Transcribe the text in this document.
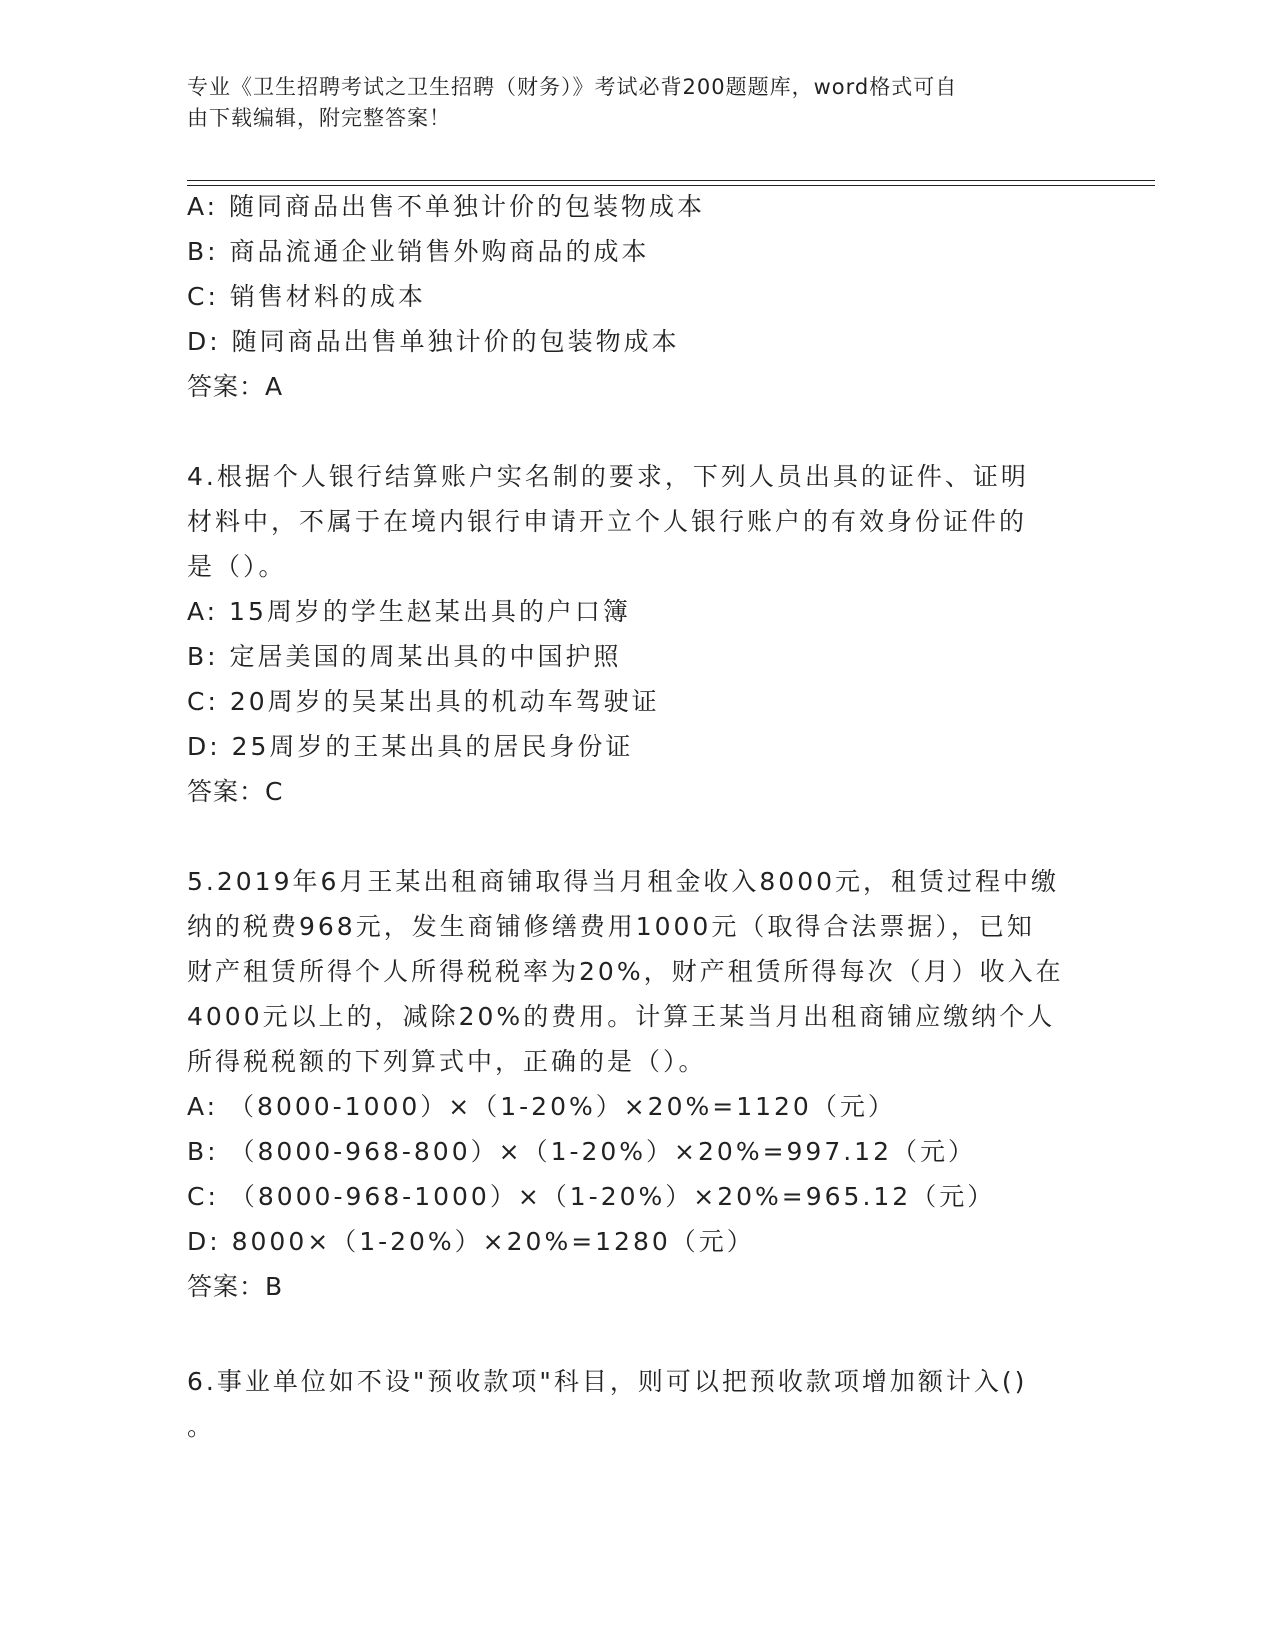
专业《卫生招聘考试之卫生招聘（财务）》考试必背200题题库，word格式可自
由下载编辑，附完整答案！
A: 随同商品出售不单独计价的包装物成本
B: 商品流通企业销售外购商品的成本
C: 销售材料的成本
D: 随同商品出售单独计价的包装物成本
答案：A
4.根据个人银行结算账户实名制的要求，下列人员出具的证件、证明
材料中，不属于在境内银行申请开立个人银行账户的有效身份证件的
是（）。
A: 15周岁的学生赵某出具的户口簿
B: 定居美国的周某出具的中国护照
C: 20周岁的吴某出具的机动车驾驶证
D: 25周岁的王某出具的居民身份证
答案：C
5.2019年6月王某出租商铺取得当月租金收入8000元，租赁过程中缴
纳的税费968元，发生商铺修缮费用1000元（取得合法票据），已知
财产租赁所得个人所得税税率为20%，财产租赁所得每次（月）收入在
4000元以上的，减除20%的费用。计算王某当月出租商铺应缴纳个人
所得税税额的下列算式中，正确的是（）。
A: （8000-1000）×（1-20%）×20%=1120（元）
B: （8000-968-800）×（1-20%）×20%=997.12（元）
C: （8000-968-1000）×（1-20%）×20%=965.12（元）
D: 8000×（1-20%）×20%=1280（元）
答案：B
6.事业单位如不设"预收款项"科目，则可以把预收款项增加额计入()
。
